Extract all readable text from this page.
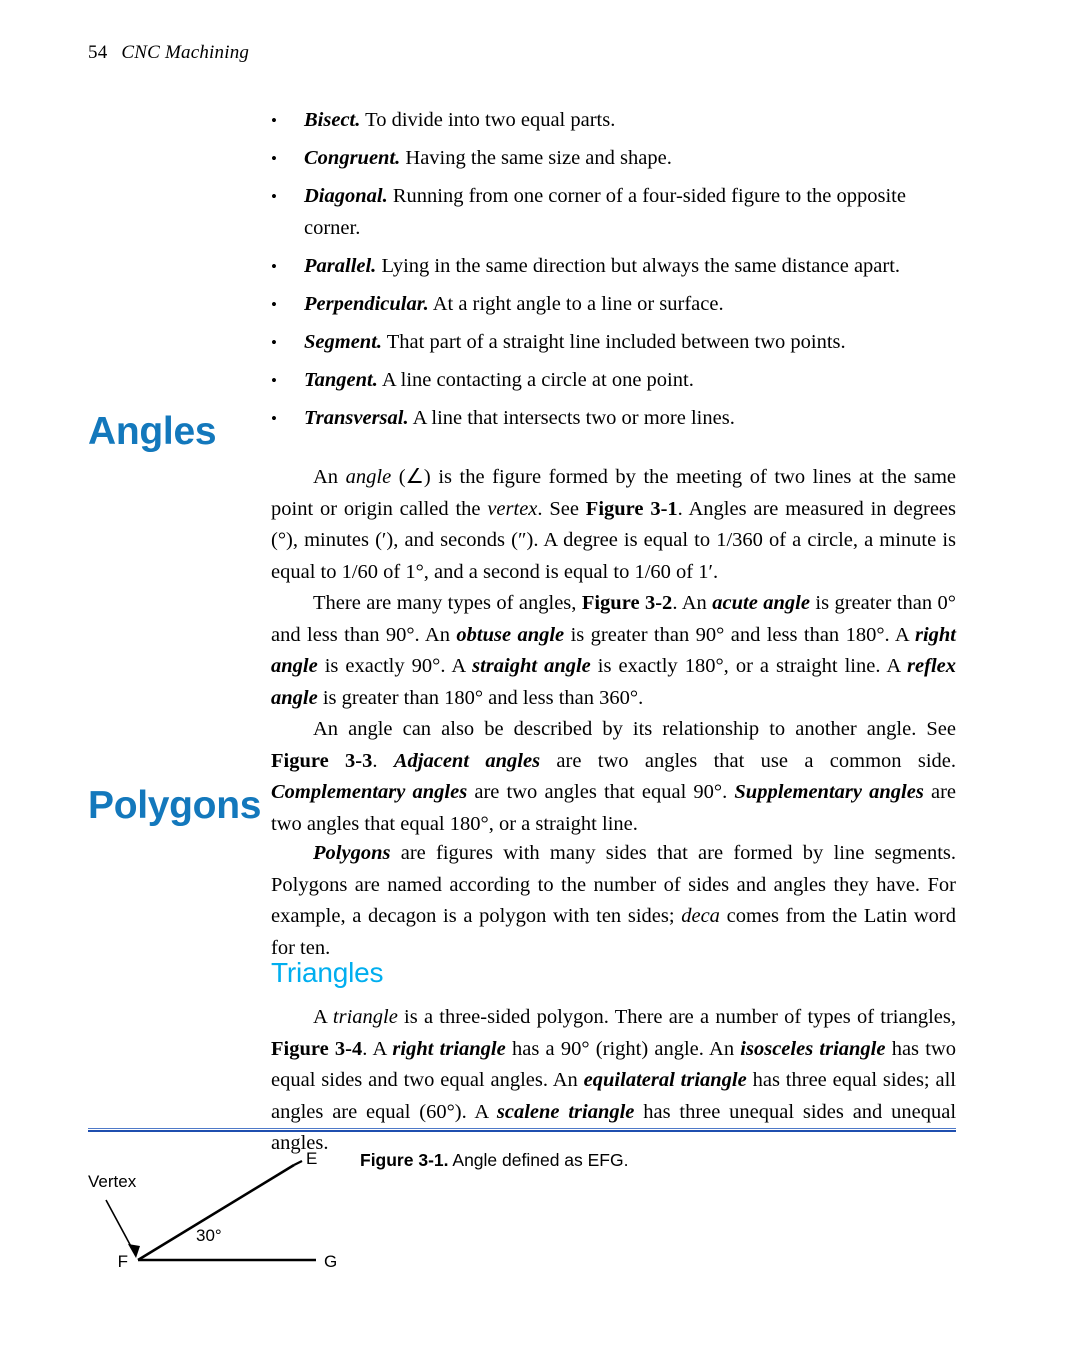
54 CNC Machining
• Bisect. To divide into two equal parts.
• Congruent. Having the same size and shape.
• Diagonal. Running from one corner of a four-sided figure to the opposite corner.
• Parallel. Lying in the same direction but always the same distance apart.
• Perpendicular. At a right angle to a line or surface.
• Segment. That part of a straight line included between two points.
• Tangent. A line contacting a circle at one point.
• Transversal. A line that intersects two or more lines.
Angles

An angle (∠) is the figure formed by the meeting of two lines at the same point or origin called the vertex. See Figure 3-1. Angles are measured in degrees (°), minutes (′), and seconds (″). A degree is equal to 1/360 of a circle, a minute is equal to 1/60 of 1°, and a second is equal to 1/60 of 1′.

There are many types of angles, Figure 3-2. An acute angle is greater than 0° and less than 90°. An obtuse angle is greater than 90° and less than 180°. A right angle is exactly 90°. A straight angle is exactly 180°, or a straight line. A reflex angle is greater than 180° and less than 360°.

An angle can also be described by its relationship to another angle. See Figure 3-3. Adjacent angles are two angles that use a common side. Complementary angles are two angles that equal 90°. Supplementary angles are two angles that equal 180°, or a straight line.

Polygons

Polygons are figures with many sides that are formed by line segments. Polygons are named according to the number of sides and angles they have. For example, a decagon is a polygon with ten sides; deca comes from the Latin word for ten.

Triangles

A triangle is a three-sided polygon. There are a number of types of triangles, Figure 3-4. A right triangle has a 90° (right) angle. An isosceles triangle has two equal sides and two equal angles. An equilateral triangle has three equal sides; all angles are equal (60°). A scalene triangle has three unequal sides and unequal angles.

Figure 3-1. Angle defined as EFG.
E
F	G
Vertex
30°
